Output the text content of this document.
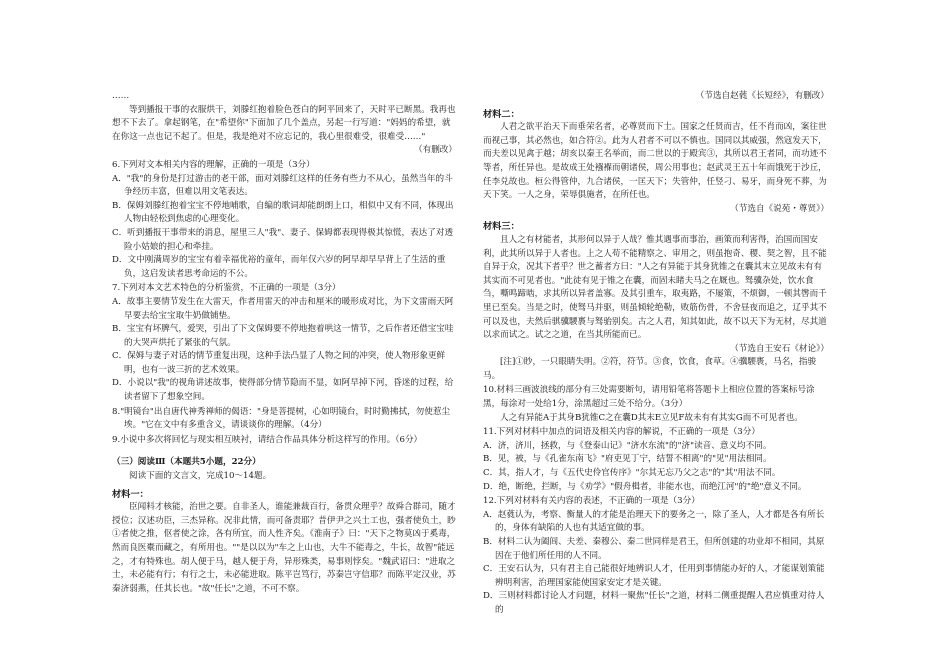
……

等到播报干事的衣服烘干，刘滕红抱着脸色苍白的阿平回来了，天时平已断黑。我再也想不下去了。拿起钢笔，在"希望你"下面加了几个盖点，另起一行写道："妈妈的希望，就在你这一点也记不起了。但是，我是绝对不应忘记的，我心里很难受，很难受……"

（有删改）

6.下列对文本相关内容的理解，正确的一项是（3分）

A．"我"的身份是打过游击的老干部，面对刘滕红这样的任务有些力不从心，虽然当年的斗争经历丰富，但难以用文笔表达。

B．保姆刘滕红抱着宝宝不停地哺歌，自编的歌词却能朗朗上口，相似中又有不同，体现出人物由轻松到焦虑的心理变化。

C．听到播报干事带来的消息，屋里三人"我"、妻子、保姆都表现得极其惊慌，表达了对透险小姑娘的担心和牵挂。

D．文中刚满周岁的宝宝有着幸福优裕的童年，而年仅六岁的阿早却早早背上了生活的重负，这启发读者思考命运的不公。

7.下列对本文艺术特色的分析鉴赏，不正确的一项是（3分）

A．故事主要情节发生在大雷天，作者用雷天的冲击和厘米的暖形成对比，为下文雷雨天阿早要去给宝宝取牛奶做铺垫。

B．宝宝有坏脾气，爱哭，引出了下文保姆要不停地抱着哄这一情节，之后作者还借宝宝哇的大哭声烘托了紧张的气氛。

C．保姆与妻子对话的情节重复出现，这种手法凸显了人物之间的冲突，使人物形象更鲜明，也有一波三折的艺术效果。

D．小说以"我"的视角讲述故事，使得部分情节隐而不显，如阿早掉下河，昏迷的过程，给读者留下了想象空间。

8."明镜台"出自唐代神秀禅师的偈语："身是菩提树，心如明镜台，时时勤拂拭，勿使惹尘埃。"它在文中有多重含义，请谈谈你的理解。（4分）

9.小说中多次将回忆与现实相互映衬，请结合作品具体分析这样写的作用。（6分）

（三）阅读Ⅲ（本题共5小题，22分）

阅读下面的文言文，完成10～14题。

材料一：

臣闻料才核能，治世之要。自非圣人，谁能兼裁百行，备贯众理乎？故舜合群司，随才授位；汉述功臣，三杰异称。况非此情，而可备责耶？昔伊尹之兴土工也，强者使负土，眇①者使之推，伛者使之涂，各有所宜，而人性齐矣。《淮南子》曰："天下之物莫凶于奚毒，然而良医橐而藏之，有所用也。""是以以为"车之上山也，大牛不能毒之，牛长，故智"能远之，才有特殊也。胡人便于马，越人便于舟，异形殊类，易事则悖矣。"魏武诏曰："进取之士，未必能有行；有行之士，未必能进取。陈平岂笃行，苏秦岂守信耶？而陈平定汉业，苏秦济弱燕，任其长也。"故"任长"之道，不可不察。

（节选自赵蕤《长短经》，有删改）

材料二：

人君之欲平治天下而垂荣名者，必尊贤而下士。国家之任贤而吉，任不肖而凶，案往世而视己事，其必然也，如合符②。此为人君者不可以不慎也。国同以其威强，然寇发天下，而夫差以见禽于越；胡亥以秦王名举而，而二世以的于殿宾③，其所以君王者同，而功迹不等者，所任异也。是故成王处襁褓而朝诸侯，周公用事也；赵武灵王五十年而饿死于沙丘，任李兑故也。桓公得管仲，九合诸侯，一匡天下；失管仲，任竖刁、易牙，而身死不葬，为天下笑。一人之身，荣辱俱施者，在所任也。

（节选自《说苑・尊贤》）

材料三：

且人之有材能者，其形何以异于人哉？惟其遇事而事治，画策而利害得，治国而国安利，此其所以异于人者也。上之人苟不能精察之、审用之，则虽抱奇、稷、契之智，且不能自异于众，况其下者乎？世之蓄者方曰："人之有异能于其身犹锥之在囊其末立见故未有有其实而不可见者也。"此徒有见于锥之在囊，而固未睹夫马之在厩也。驽骥杂处，饮水食刍，嘶鸣蹄啮，求其所以异者盖寡。及其引重车，取夷路，不屡策，不烦御，一顿其辔而千里已至矣。当是之时，使驽马并驱，则虽倾轮绝勒，败筋伤骨，不舍昼夜而追之，辽乎其不可以及也，夫然后骐骥騕褭与驽骀别矣。古之人君，知其如此，故不以天下为无材，尽其道以求而试之。试之之道，在当其所能而已。

（节选自王安石《材论》）

[注]①眇，一只眼睛失明。②符，符节。③食，饮食，食草。④骥騕褭，马名，指骏马。

10.材料三画波浪线的部分有三处需要断句，请用铅笔将答题卡上相应位置的答案标号涂黑，每涂对一处给1分，涂黑超过三处不给分。（3分）

人之有异能A于其身B犹锥C之在囊D其末E立见F故未有有其实G而不可见者也。

11.下列对材料中加点的词语及相关内容的解说，不正确的一项是（3分）

A．济，济川，拯救，与《登泰山记》"济水东流"的"济"读音、意义均不同。

B．见，被，与《孔雀东南飞》"府吏见丁宁，结誓不相离"的"见"用法相同。

C．其，指人才，与《五代史伶官传序》"尔其无忘乃父之志"的"其"用法不同。

D．绝，断绝，拦断，与《劝学》"假舟楫者，非能水也，而绝江河"的"绝"意义不同。

12.下列对材料有关内容的表述，不正确的一项是（3分）

A．赵蕤认为，考察、衡量人的才能是治理天下的要务之一，除了圣人，人才都是各有所长的，身体有缺陷的人也有其适宜做的事。

B．材料二认为阖闾、夫差、秦穆公、秦二世同样是君王，但所创建的功业却不相同，其原因在于他们所任用的人不同。

C．王安石认为，只有君主自己能很好地辨识人才，任用到事情能办好的人，才能谋划策能辨明利害，治理国家能使国家安定才是关键。

D．三则材料都讨论人才问题，材料一聚焦"任长"之道，材料二侧重提醒人君应慎重对待人的
